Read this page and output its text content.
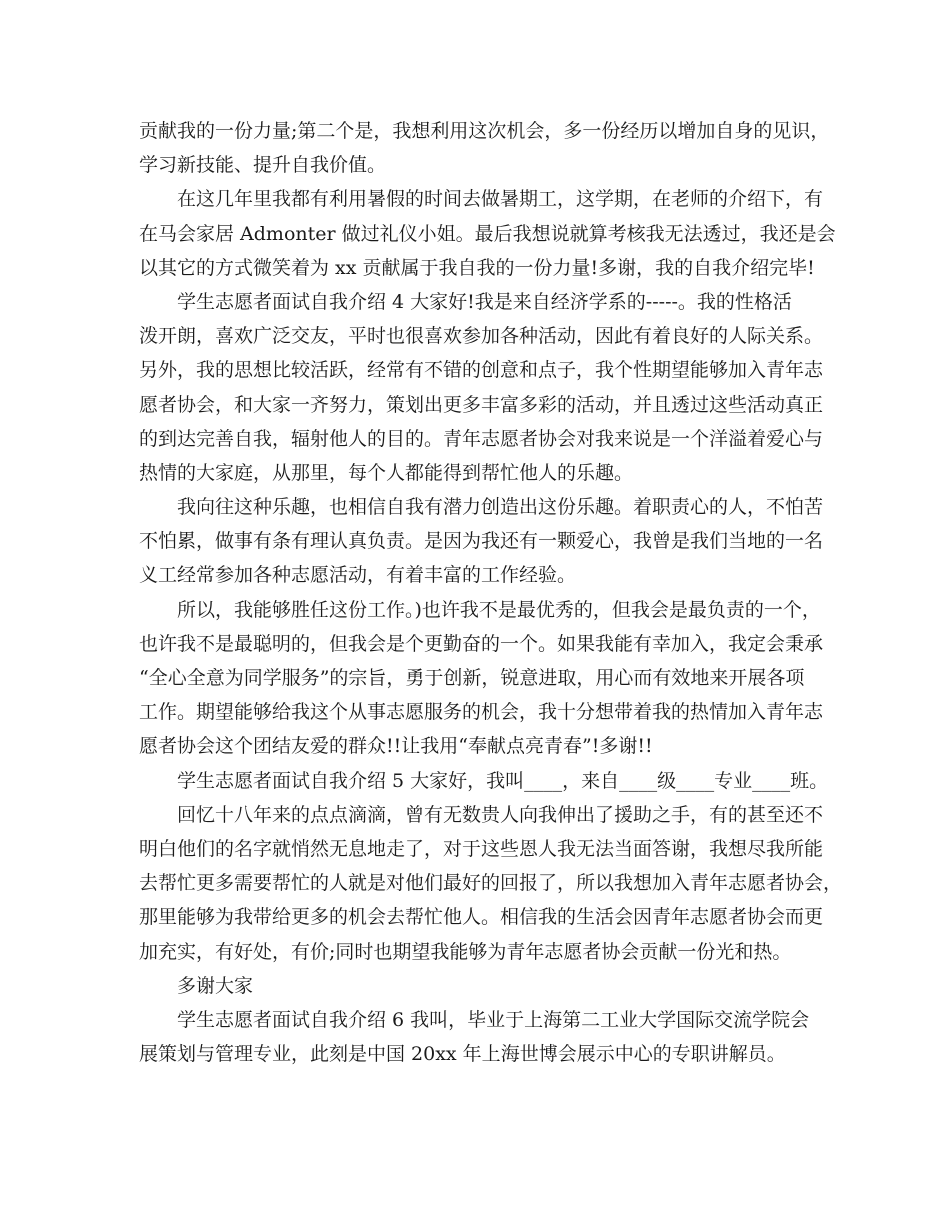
贡献我的一份力量;第二个是，我想利用这次机会，多一份经历以增加自身的见识，
学习新技能、提升自我价值。
在这几年里我都有利用暑假的时间去做暑期工，这学期，在老师的介绍下，有
在马会家居 Admonter 做过礼仪小姐。最后我想说就算考核我无法透过，我还是会
以其它的方式微笑着为 xx 贡献属于我自我的一份力量!多谢，我的自我介绍完毕!
学生志愿者面试自我介绍 4 大家好!我是来自经济学系的-----。我的性格活
泼开朗，喜欢广泛交友，平时也很喜欢参加各种活动，因此有着良好的人际关系。
另外，我的思想比较活跃，经常有不错的创意和点子，我个性期望能够加入青年志
愿者协会，和大家一齐努力，策划出更多丰富多彩的活动，并且透过这些活动真正
的到达完善自我，辐射他人的目的。青年志愿者协会对我来说是一个洋溢着爱心与
热情的大家庭，从那里，每个人都能得到帮忙他人的乐趣。
我向往这种乐趣，也相信自我有潜力创造出这份乐趣。着职责心的人，不怕苦
不怕累，做事有条有理认真负责。是因为我还有一颗爱心，我曾是我们当地的一名
义工经常参加各种志愿活动，有着丰富的工作经验。
所以，我能够胜任这份工作。)也许我不是最优秀的，但我会是最负责的一个，
也许我不是最聪明的，但我会是个更勤奋的一个。如果我能有幸加入，我定会秉承
“全心全意为同学服务”的宗旨，勇于创新，锐意进取，用心而有效地来开展各项
工作。期望能够给我这个从事志愿服务的机会，我十分想带着我的热情加入青年志
愿者协会这个团结友爱的群众!!让我用“奉献点亮青春”!多谢!!
学生志愿者面试自我介绍 5 大家好，我叫____，来自____级____专业____班。
回忆十八年来的点点滴滴，曾有无数贵人向我伸出了援助之手，有的甚至还不
明白他们的名字就悄然无息地走了，对于这些恩人我无法当面答谢，我想尽我所能
去帮忙更多需要帮忙的人就是对他们最好的回报了，所以我想加入青年志愿者协会，
那里能够为我带给更多的机会去帮忙他人。相信我的生活会因青年志愿者协会而更
加充实，有好处，有价;同时也期望我能够为青年志愿者协会贡献一份光和热。
多谢大家
学生志愿者面试自我介绍 6 我叫，毕业于上海第二工业大学国际交流学院会
展策划与管理专业，此刻是中国 20xx 年上海世博会展示中心的专职讲解员。
